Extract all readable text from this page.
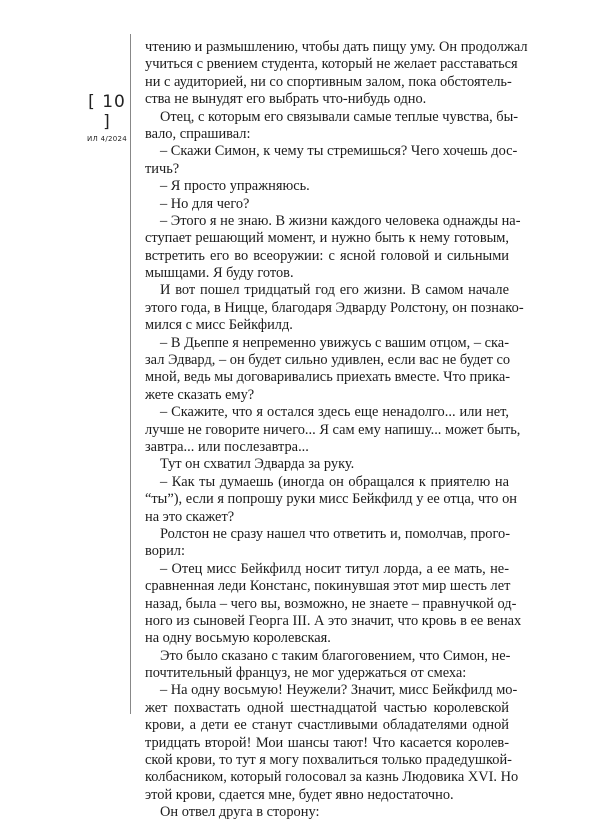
[ 10 ]
ИЛ 4/2024
чтению и размышлению, чтобы дать пищу уму. Он продолжал
учиться с рвением студента, который не желает расставаться
ни с аудиторией, ни со спортивным залом, пока обстоятель-
ства не вынудят его выбрать что-нибудь одно.
Отец, с которым его связывали самые теплые чувства, бы-
вало, спрашивал:
– Скажи Симон, к чему ты стремишься? Чего хочешь дос-
тичь?
– Я просто упражняюсь.
– Но для чего?
– Этого я не знаю. В жизни каждого человека однажды на-
ступает решающий момент, и нужно быть к нему готовым,
встретить его во всеоружии: с ясной головой и сильными
мышцами. Я буду готов.
И вот пошел тридцатый год его жизни. В самом начале
этого года, в Ницце, благодаря Эдварду Ролстону, он познако-
мился с мисс Бейкфилд.
– В Дьеппе я непременно увижусь с вашим отцом, – ска-
зал Эдвард, – он будет сильно удивлен, если вас не будет со
мной, ведь мы договаривались приехать вместе. Что прика-
жете сказать ему?
– Скажите, что я остался здесь еще ненадолго... или нет,
лучше не говорите ничего... Я сам ему напишу... может быть,
завтра... или послезавтра...
Тут он схватил Эдварда за руку.
– Как ты думаешь (иногда он обращался к приятелю на
“ты”), если я попрошу руки мисс Бейкфилд у ее отца, что он
на это скажет?
Ролстон не сразу нашел что ответить и, помолчав, прого-
ворил:
– Отец мисс Бейкфилд носит титул лорда, а ее мать, не-
сравненная леди Констанс, покинувшая этот мир шесть лет
назад, была – чего вы, возможно, не знаете – правнучкой од-
ного из сыновей Георга III. А это значит, что кровь в ее венах
на одну восьмую королевская.
Это было сказано с таким благоговением, что Симон, не-
почтительный француз, не мог удержаться от смеха:
– На одну восьмую! Неужели? Значит, мисс Бейкфилд мо-
жет похвастать одной шестнадцатой частью королевской
крови, а дети ее станут счастливыми обладателями одной
тридцать второй! Мои шансы тают! Что касается королев-
ской крови, то тут я могу похвалиться только прадедушкой-
колбасником, который голосовал за казнь Людовика XVI. Но
этой крови, сдается мне, будет явно недостаточно.
Он отвел друга в сторону:
